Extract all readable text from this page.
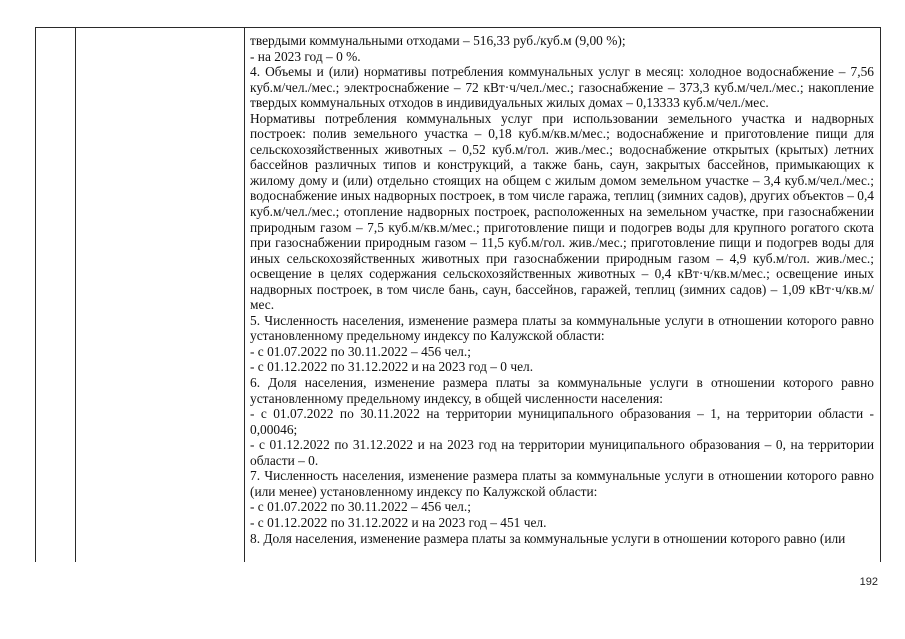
твердыми коммунальными отходами – 516,33 руб./куб.м (9,00 %);

- на 2023 год – 0 %.

4. Объемы и (или) нормативы потребления коммунальных услуг в месяц: холодное водоснабжение – 7,56 куб.м/чел./мес.; электроснабжение – 72 кВт·ч/чел./мес.; газоснабжение – 373,3 куб.м/чел./мес.; накопление твердых коммунальных отходов в индивидуальных жилых домах – 0,13333 куб.м/чел./мес.

Нормативы потребления коммунальных услуг при использовании земельного участка и надворных построек: полив земельного участка – 0,18 куб.м/кв.м/мес.; водоснабжение и приготовление пищи для сельскохозяйственных животных – 0,52 куб.м/гол. жив./мес.; водоснабжение открытых (крытых) летних бассейнов различных типов и конструкций, а также бань, саун, закрытых бассейнов, примыкающих к жилому дому и (или) отдельно стоящих на общем с жилым домом земельном участке – 3,4 куб.м/чел./мес.; водоснабжение иных надворных построек, в том числе гаража, теплиц (зимних садов), других объектов – 0,4 куб.м/чел./мес.; отопление надворных построек, расположенных на земельном участке, при газоснабжении природным газом – 7,5 куб.м/кв.м/мес.; приготовление пищи и подогрев воды для крупного рогатого скота при газоснабжении природным газом – 11,5 куб.м/гол. жив./мес.; приготовление пищи и подогрев воды для иных сельскохозяйственных животных при газоснабжении природным газом – 4,9 куб.м/гол. жив./мес.; освещение в целях содержания сельскохозяйственных животных – 0,4 кВт·ч/кв.м/мес.; освещение иных надворных построек, в том числе бань, саун, бассейнов, гаражей, теплиц (зимних садов) – 1,09 кВт·ч/кв.м/мес.

5. Численность населения, изменение размера платы за коммунальные услуги в отношении которого равно установленному предельному индексу по Калужской области:

- с 01.07.2022 по 30.11.2022 – 456 чел.;

- с 01.12.2022 по 31.12.2022 и на 2023 год – 0 чел.

6. Доля населения, изменение размера платы за коммунальные услуги в отношении которого равно установленному предельному индексу, в общей численности населения:

- с 01.07.2022 по 30.11.2022 на территории муниципального образования – 1, на территории области - 0,00046;

- с 01.12.2022 по 31.12.2022 и на 2023 год на территории муниципального образования – 0, на территории области – 0.

7. Численность населения, изменение размера платы за коммунальные услуги в отношении которого равно (или менее) установленному индексу по Калужской области:

- с 01.07.2022 по 30.11.2022 – 456 чел.;

- с 01.12.2022 по 31.12.2022 и на 2023 год – 451 чел.

8. Доля населения, изменение размера платы за коммунальные услуги в отношении которого равно (или

192
